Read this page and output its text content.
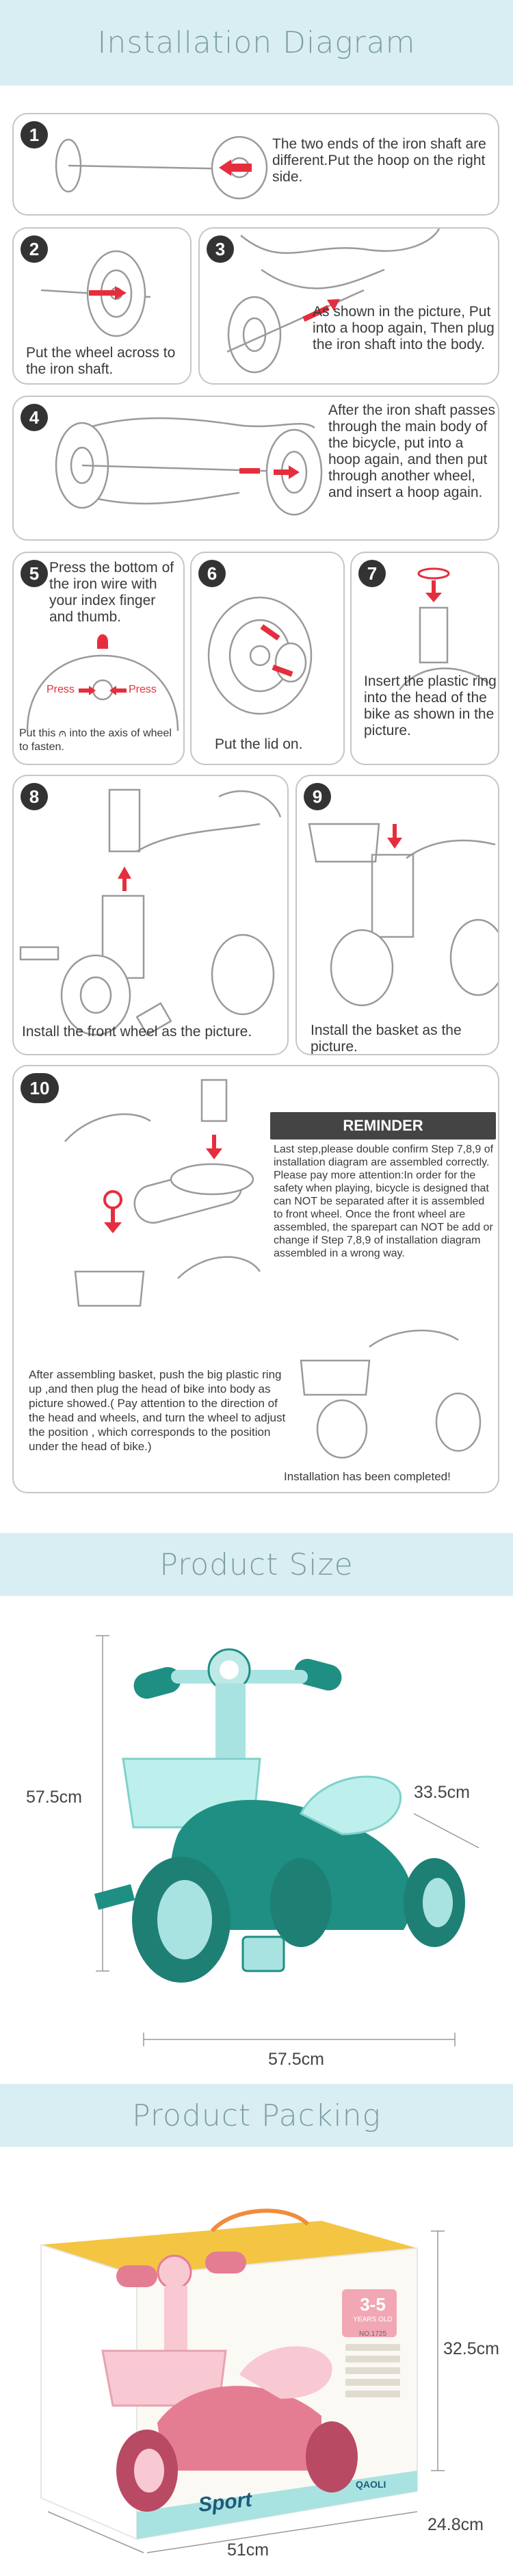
Installation Diagram
1	The two ends of the iron shaft are different.Put the hoop on the right side.
2
Put the wheel across to the iron shaft.
3
As shown in the picture, Put into a hoop again, Then plug the iron shaft into the body.
4	After the iron shaft passes through the main body of the bicycle, put into a hoop again, and then put through another wheel, and insert a hoop again.
5 Press the bottom of the iron wire with your index finger and thumb.
Press	Press
Put this ⩀ into the axis of wheel to fasten.
6
Put the lid on.
7
Insert the plastic ring into the head of the bike as shown in the picture.
8
Install the front wheel as the picture.
9
Install the basket as the picture.
10
After assembling basket, push the big plastic ring up ,and then plug the head of bike into body as picture showed.( Pay attention to the direction of the head and wheels, and turn the wheel to adjust the position , which corresponds to the position under the head of bike.)
Installation has been completed!
REMINDER
Last step,please double confirm Step 7,8,9 of installation diagram are assembled correctly. Please pay more attention:In order for the safety when playing, bicycle is designed that can NOT be separated after it is assembled to front wheel. Once the front wheel are assembled, the sparepart can NOT be add or change if Step 7,8,9 of installation diagram assembled in a wrong way.
Product Size
57.5cm	33.5cm
57.5cm
Product Packing
3-5
YEARS OLD
NO.1725
Sport
QAOLI
32.5cm
24.8cm
51cm
